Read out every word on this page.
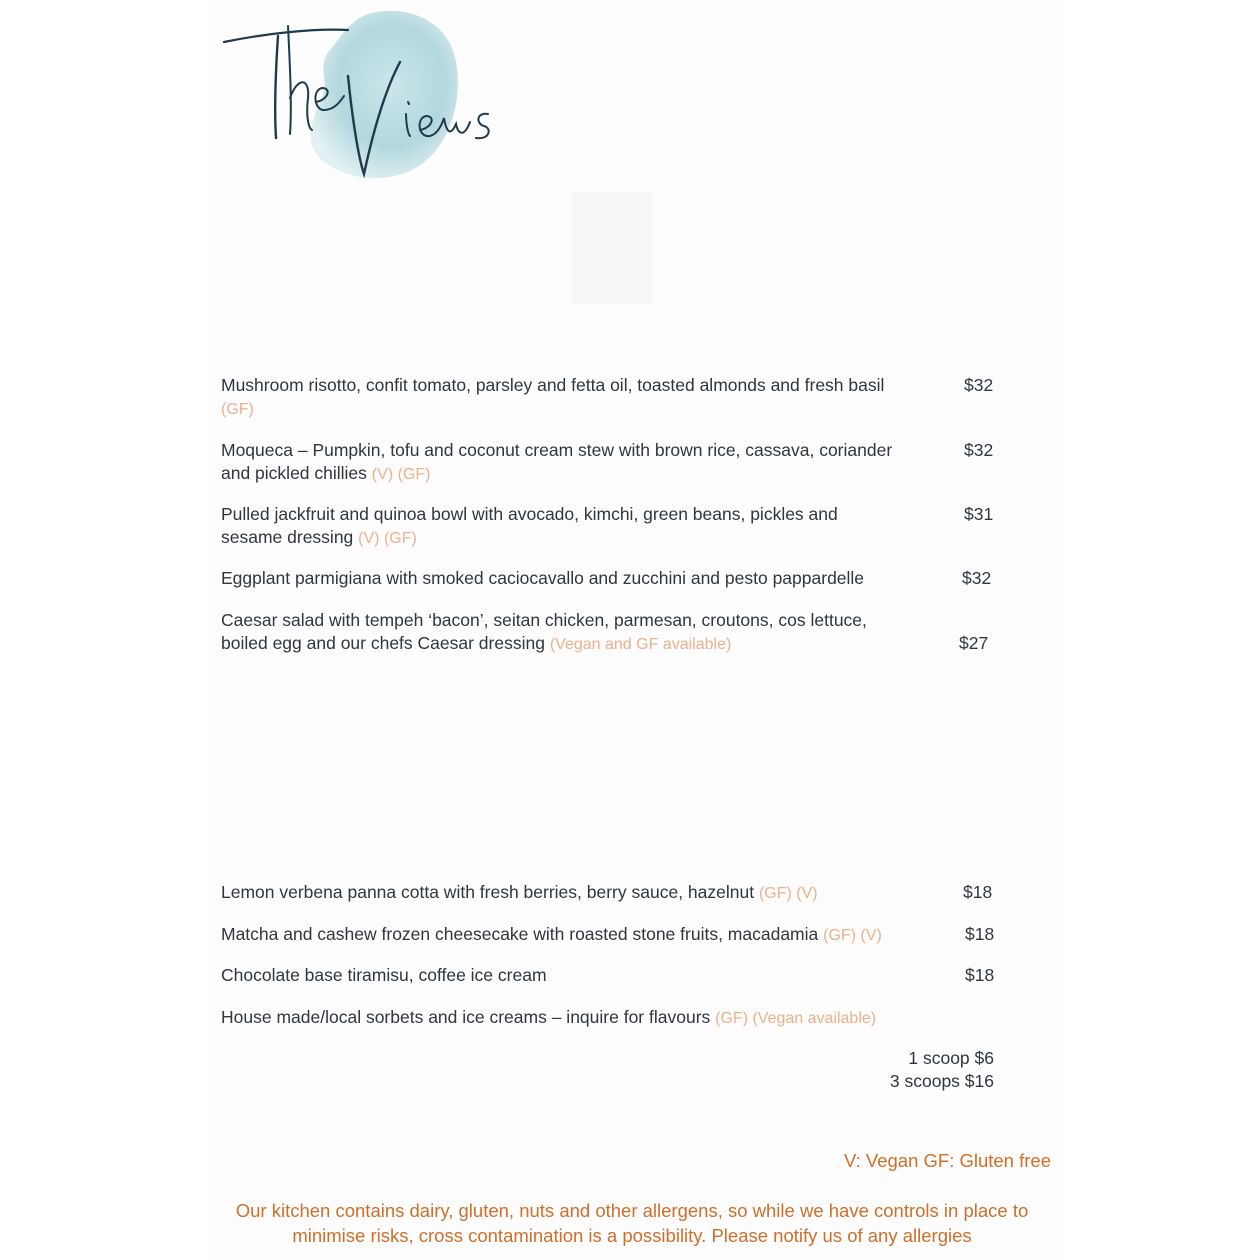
The Views
Mushroom risotto, confit tomato, parsley and fetta oil, toasted almonds and fresh basil (GF)
$32
Moqueca – Pumpkin, tofu and coconut cream stew with brown rice, cassava, coriander and pickled chillies (V) (GF)
$32
Pulled jackfruit and quinoa bowl with avocado, kimchi, green beans, pickles and sesame dressing (V) (GF)
$31
Eggplant parmigiana with smoked caciocavallo and zucchini and pesto pappardelle	$32
Caesar salad with tempeh ‘bacon’, seitan chicken, parmesan, croutons, cos lettuce, boiled egg and our chefs Caesar dressing (Vegan and GF available)	$27
Lemon verbena panna cotta with fresh berries, berry sauce, hazelnut (GF) (V)	$18
Matcha and cashew frozen cheesecake with roasted stone fruits, macadamia (GF) (V)	$18
Chocolate base tiramisu, coffee ice cream	$18
House made/local sorbets and ice creams – inquire for flavours (GF) (Vegan available)
1 scoop $6
3 scoops $16
V: Vegan GF: Gluten free
Our kitchen contains dairy, gluten, nuts and other allergens, so while we have controls in place to minimise risks, cross contamination is a possibility. Please notify us of any allergies
